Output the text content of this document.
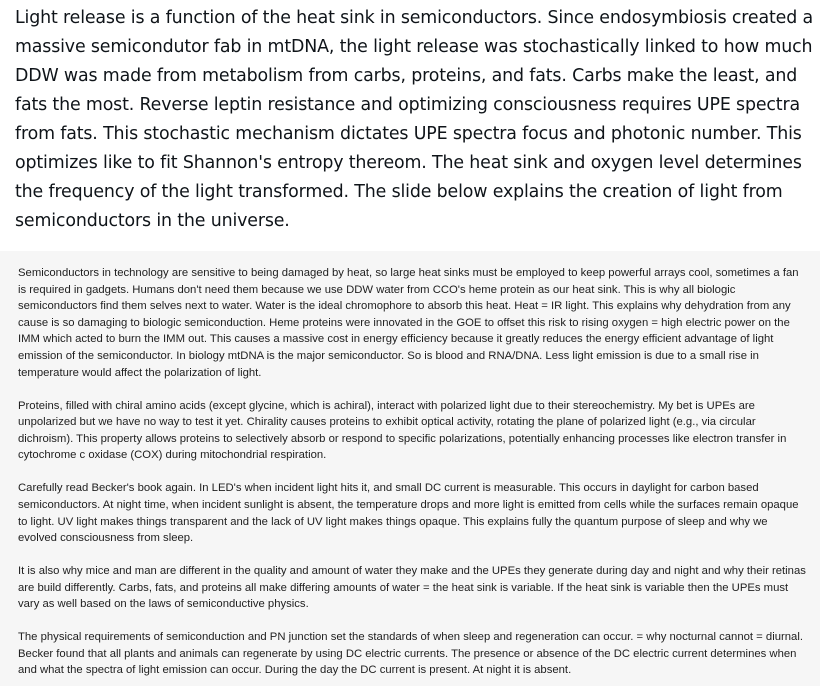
Light release is a function of the heat sink in semiconductors. Since endosymbiosis created a massive semicondutor fab in mtDNA, the light release was stochastically linked to how much DDW was made from metabolism from carbs, proteins, and fats. Carbs make the least, and fats the most. Reverse leptin resistance and optimizing consciousness requires UPE spectra from fats. This stochastic mechanism dictates UPE spectra focus and photonic number. This optimizes like to fit Shannon's entropy thereom. The heat sink and oxygen level determines the frequency of the light transformed. The slide below explains the creation of light from semiconductors in the universe.

Semiconductors in technology are sensitive to being damaged by heat, so large heat sinks must be employed to keep powerful arrays cool, sometimes a fan is required in gadgets. Humans don't need them because we use DDW water from CCO's heme protein as our heat sink. This is why all biologic semiconductors find them selves next to water. Water is the ideal chromophore to absorb this heat. Heat = IR light. This explains why dehydration from any cause is so damaging to biologic semiconduction. Heme proteins were innovated in the GOE to offset this risk to rising oxygen = high electric power on the IMM which acted to burn the IMM out. This causes a massive cost in energy efficiency because it greatly reduces the energy efficient advantage of light emission of the semiconductor. In biology mtDNA is the major semiconductor. So is blood and RNA/DNA. Less light emission is due to a small rise in temperature would affect the polarization of light.

Proteins, filled with chiral amino acids (except glycine, which is achiral), interact with polarized light due to their stereochemistry. My bet is UPEs are unpolarized but we have no way to test it yet. Chirality causes proteins to exhibit optical activity, rotating the plane of polarized light (e.g., via circular dichroism). This property allows proteins to selectively absorb or respond to specific polarizations, potentially enhancing processes like electron transfer in cytochrome c oxidase (COX) during mitochondrial respiration.

Carefully read Becker's book again. In LED's when incident light hits it, and small DC current is measurable. This occurs in daylight for carbon based semiconductors. At night time, when incident sunlight is absent, the temperature drops and more light is emitted from cells while the surfaces remain opaque to light. UV light makes things transparent and the lack of UV light makes things opaque. This explains fully the quantum purpose of sleep and why we evolved consciousness from sleep.

It is also why mice and man are different in the quality and amount of water they make and the UPEs they generate during day and night and why their retinas are build differently. Carbs, fats, and proteins all make differing amounts of water = the heat sink is variable. If the heat sink is variable then the UPEs must vary as well based on the laws of semiconductive physics.

The physical requirements of semiconduction and PN junction set the standards of when sleep and regeneration can occur. = why nocturnal cannot = diurnal. Becker found that all plants and animals can regenerate by using DC electric currents. The presence or absence of the DC electric current determines when and what the spectra of light emission can occur. During the day the DC current is present. At night it is absent.
